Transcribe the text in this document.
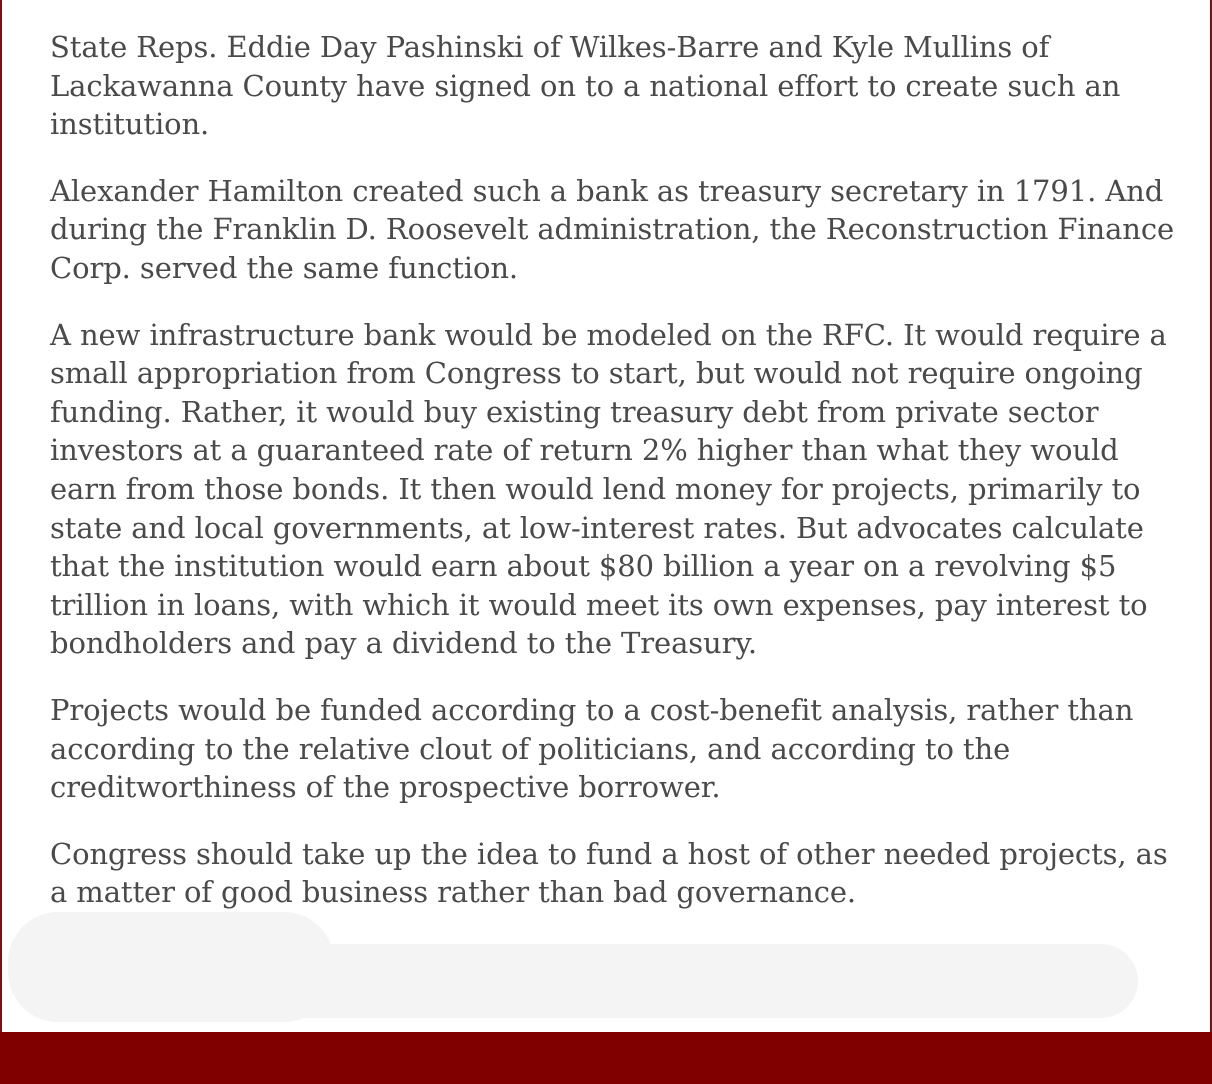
State Reps. Eddie Day Pashinski of Wilkes-Barre and Kyle Mullins of Lackawanna County have signed on to a national effort to create such an institution.

Alexander Hamilton created such a bank as treasury secretary in 1791. And during the Franklin D. Roosevelt administration, the Reconstruction Finance Corp. served the same function.

A new infrastructure bank would be modeled on the RFC. It would require a small appropriation from Congress to start, but would not require ongoing funding. Rather, it would buy existing treasury debt from private sector investors at a guaranteed rate of return 2% higher than what they would earn from those bonds. It then would lend money for projects, primarily to state and local governments, at low-interest rates. But advocates calculate that the institution would earn about $80 billion a year on a revolving $5 trillion in loans, with which it would meet its own expenses, pay interest to bondholders and pay a dividend to the Treasury.

Projects would be funded according to a cost-benefit analysis, rather than according to the relative clout of politicians, and according to the creditworthiness of the prospective borrower.

Congress should take up the idea to fund a host of other needed projects, as a matter of good business rather than bad governance.
